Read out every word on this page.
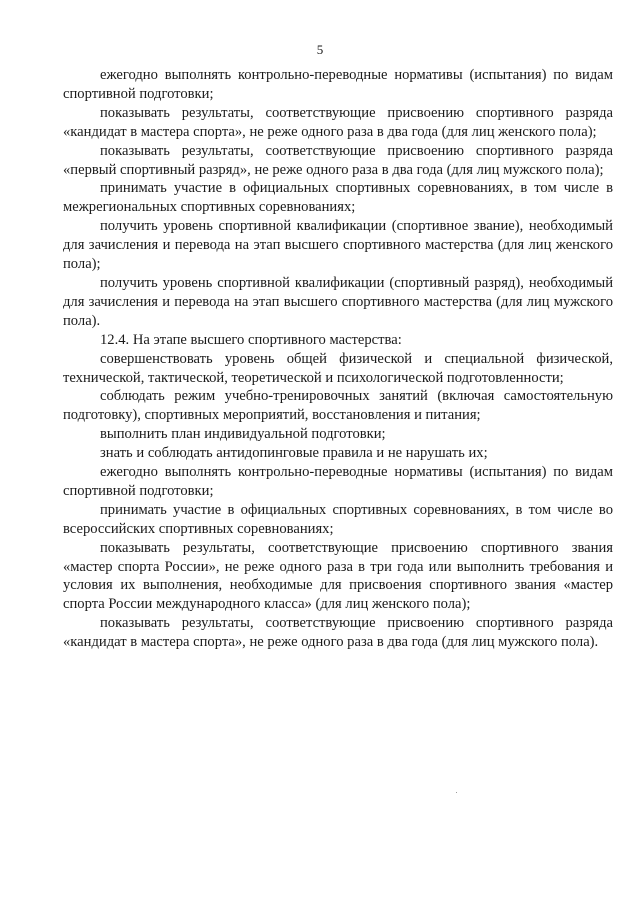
5

ежегодно выполнять контрольно-переводные нормативы (испытания) по видам спортивной подготовки;

показывать результаты, соответствующие присвоению спортивного разряда «кандидат в мастера спорта», не реже одного раза в два года (для лиц женского пола);

показывать результаты, соответствующие присвоению спортивного разряда «первый спортивный разряд», не реже одного раза в два года (для лиц мужского пола);

принимать участие в официальных спортивных соревнованиях, в том числе в межрегиональных спортивных соревнованиях;

получить уровень спортивной квалификации (спортивное звание), необходимый для зачисления и перевода на этап высшего спортивного мастерства (для лиц женского пола);

получить уровень спортивной квалификации (спортивный разряд), необходимый для зачисления и перевода на этап высшего спортивного мастерства (для лиц мужского пола).

12.4. На этапе высшего спортивного мастерства:

совершенствовать уровень общей физической и специальной физической, технической, тактической, теоретической и психологической подготовленности;

соблюдать режим учебно-тренировочных занятий (включая самостоятельную подготовку), спортивных мероприятий, восстановления и питания;

выполнить план индивидуальной подготовки;

знать и соблюдать антидопинговые правила и не нарушать их;

ежегодно выполнять контрольно-переводные нормативы (испытания) по видам спортивной подготовки;

принимать участие в официальных спортивных соревнованиях, в том числе во всероссийских спортивных соревнованиях;

показывать результаты, соответствующие присвоению спортивного звания «мастер спорта России», не реже одного раза в три года или выполнить требования и условия их выполнения, необходимые для присвоения спортивного звания «мастер спорта России международного класса» (для лиц женского пола);

показывать результаты, соответствующие присвоению спортивного разряда «кандидат в мастера спорта», не реже одного раза в два года (для лиц мужского пола).
